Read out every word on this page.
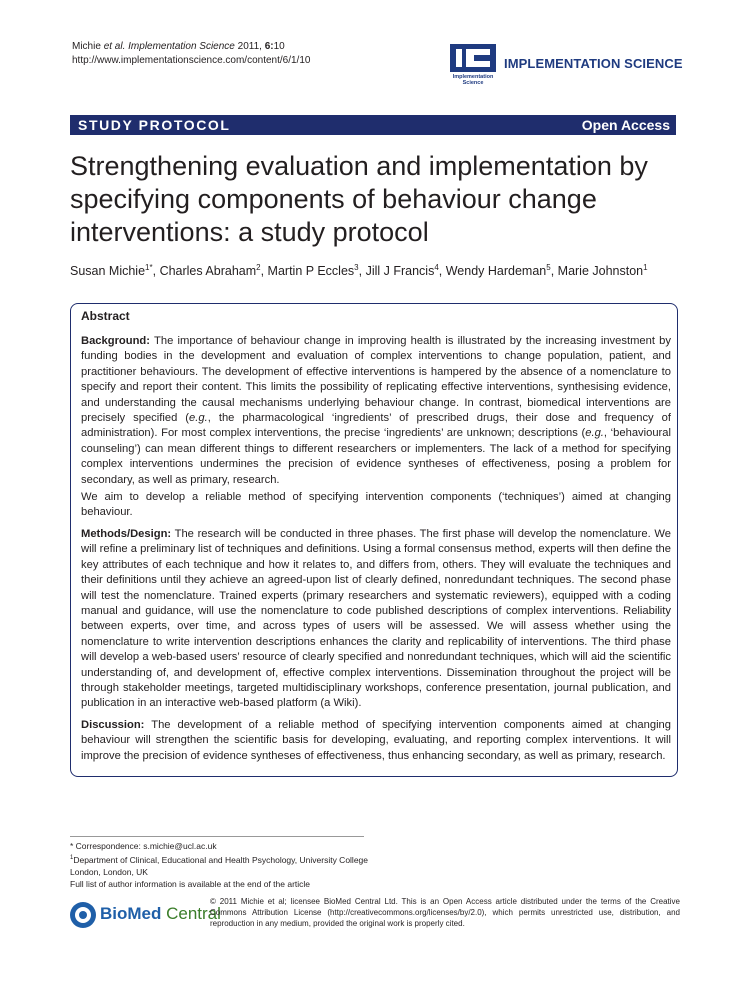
Michie et al. Implementation Science 2011, 6:10
http://www.implementationscience.com/content/6/1/10
Implementation
Science
IMPLEMENTATION SCIENCE
STUDY PROTOCOL	Open Access
Strengthening evaluation and implementation by specifying components of behaviour change interventions: a study protocol
Susan Michie$^{1*}$, Charles Abraham$^2$, Martin P Eccles$^3$, Jill J Francis$^4$, Wendy Hardeman$^5$, Marie Johnston$^1$
Abstract

Background: The importance of behaviour change in improving health is illustrated by the increasing investment by funding bodies in the development and evaluation of complex interventions to change population, patient, and practitioner behaviours. The development of effective interventions is hampered by the absence of a nomenclature to specify and report their content. This limits the possibility of replicating effective interventions, synthesising evidence, and understanding the causal mechanisms underlying behaviour change. In contrast, biomedical interventions are precisely specified (e.g., the pharmacological ‘ingredients’ of prescribed drugs, their dose and frequency of administration). For most complex interventions, the precise ‘ingredients’ are unknown; descriptions (e.g., ‘behavioural counseling’) can mean different things to different researchers or implementers. The lack of a method for specifying complex interventions undermines the precision of evidence syntheses of effectiveness, posing a problem for secondary, as well as primary, research.

We aim to develop a reliable method of specifying intervention components (‘techniques’) aimed at changing behaviour.

Methods/Design: The research will be conducted in three phases. The first phase will develop the nomenclature. We will refine a preliminary list of techniques and definitions. Using a formal consensus method, experts will then define the key attributes of each technique and how it relates to, and differs from, others. They will evaluate the techniques and their definitions until they achieve an agreed-upon list of clearly defined, nonredundant techniques. The second phase will test the nomenclature. Trained experts (primary researchers and systematic reviewers), equipped with a coding manual and guidance, will use the nomenclature to code published descriptions of complex interventions. Reliability between experts, over time, and across types of users will be assessed. We will assess whether using the nomenclature to write intervention descriptions enhances the clarity and replicability of interventions. The third phase will develop a web-based users’ resource of clearly specified and nonredundant techniques, which will aid the scientific understanding of, and development of, effective complex interventions. Dissemination throughout the project will be through stakeholder meetings, targeted multidisciplinary workshops, conference presentation, journal publication, and publication in an interactive web-based platform (a Wiki).

Discussion: The development of a reliable method of specifying intervention components aimed at changing behaviour will strengthen the scientific basis for developing, evaluating, and reporting complex interventions. It will improve the precision of evidence syntheses of effectiveness, thus enhancing secondary, as well as primary, research.

* Correspondence: s.michie@ucl.ac.uk

$^1$Department of Clinical, Educational and Health Psychology, University College London, London, UK

Full list of author information is available at the end of the article

BioMed Central
© 2011 Michie et al; licensee BioMed Central Ltd. This is an Open Access article distributed under the terms of the Creative Commons Attribution License (http://creativecommons.org/licenses/by/2.0), which permits unrestricted use, distribution, and reproduction in any medium, provided the original work is properly cited.
